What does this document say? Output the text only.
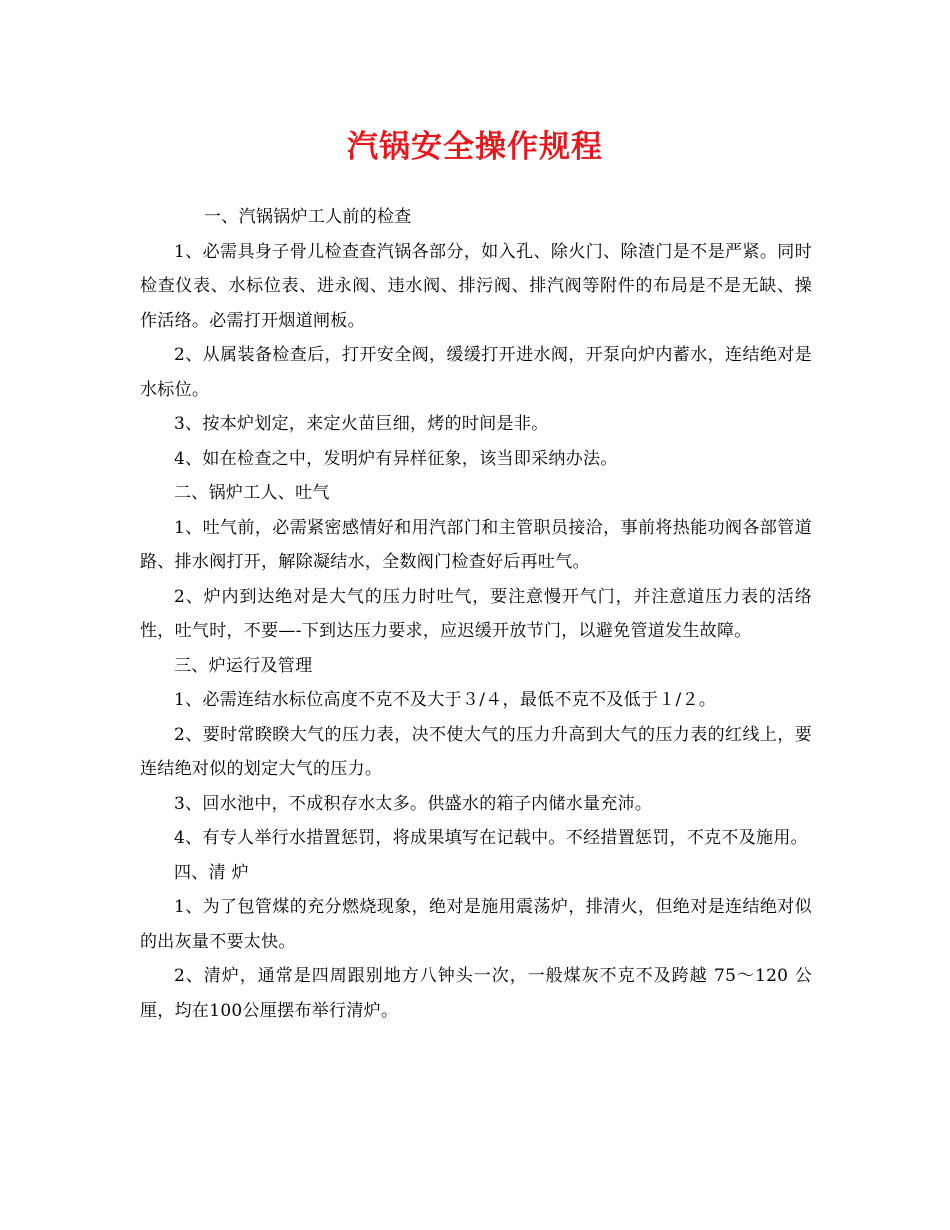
汽锅安全操作规程

一、汽锅锅炉工人前的检查

1、必需具身子骨儿检查查汽锅各部分，如入孔、除火门、除渣门是不是严紧。同时检查仪表、水标位表、进永阀、违水阀、排污阀、排汽阀等附件的布局是不是无缺、操作活络。必需打开烟道闸板。

2、从属装备检查后，打开安全阀，缓缓打开进水阀，开泵向炉内蓄水，连结绝对是水标位。

3、按本炉划定，来定火苗巨细，烤的时间是非。

4、如在检查之中，发明炉有异样征象，该当即采纳办法。

二、锅炉工人、吐气

1、吐气前，必需紧密感情好和用汽部门和主管职员接洽，事前将热能功阀各部管道路、排水阀打开，解除凝结水，全数阀门检查好后再吐气。

2、炉内到达绝对是大气的压力时吐气，要注意慢开气门，并注意道压力表的活络性，吐气时，不要—-下到达压力要求，应迟缓开放节门，以避免管道发生故障。

三、炉运行及管理

1、必需连结水标位高度不克不及大于３/４，最低不克不及低于１/２。

2、要时常睽睽大气的压力表，决不使大气的压力升高到大气的压力表的红线上，要连结绝对似的划定大气的压力。

3、回水池中，不成积存水太多。供盛水的箱子内储水量充沛。

4、有专人举行水措置惩罚，将成果填写在记载中。不经措置惩罚，不克不及施用。

四、清 炉

1、为了包管煤的充分燃烧现象，绝对是施用震荡炉，排清火，但绝对是连结绝对似的出灰量不要太快。

2、清炉，通常是四周跟别地方八钟头一次，一般煤灰不克不及跨越 75～120 公厘，均在100公厘摆布举行清炉。
